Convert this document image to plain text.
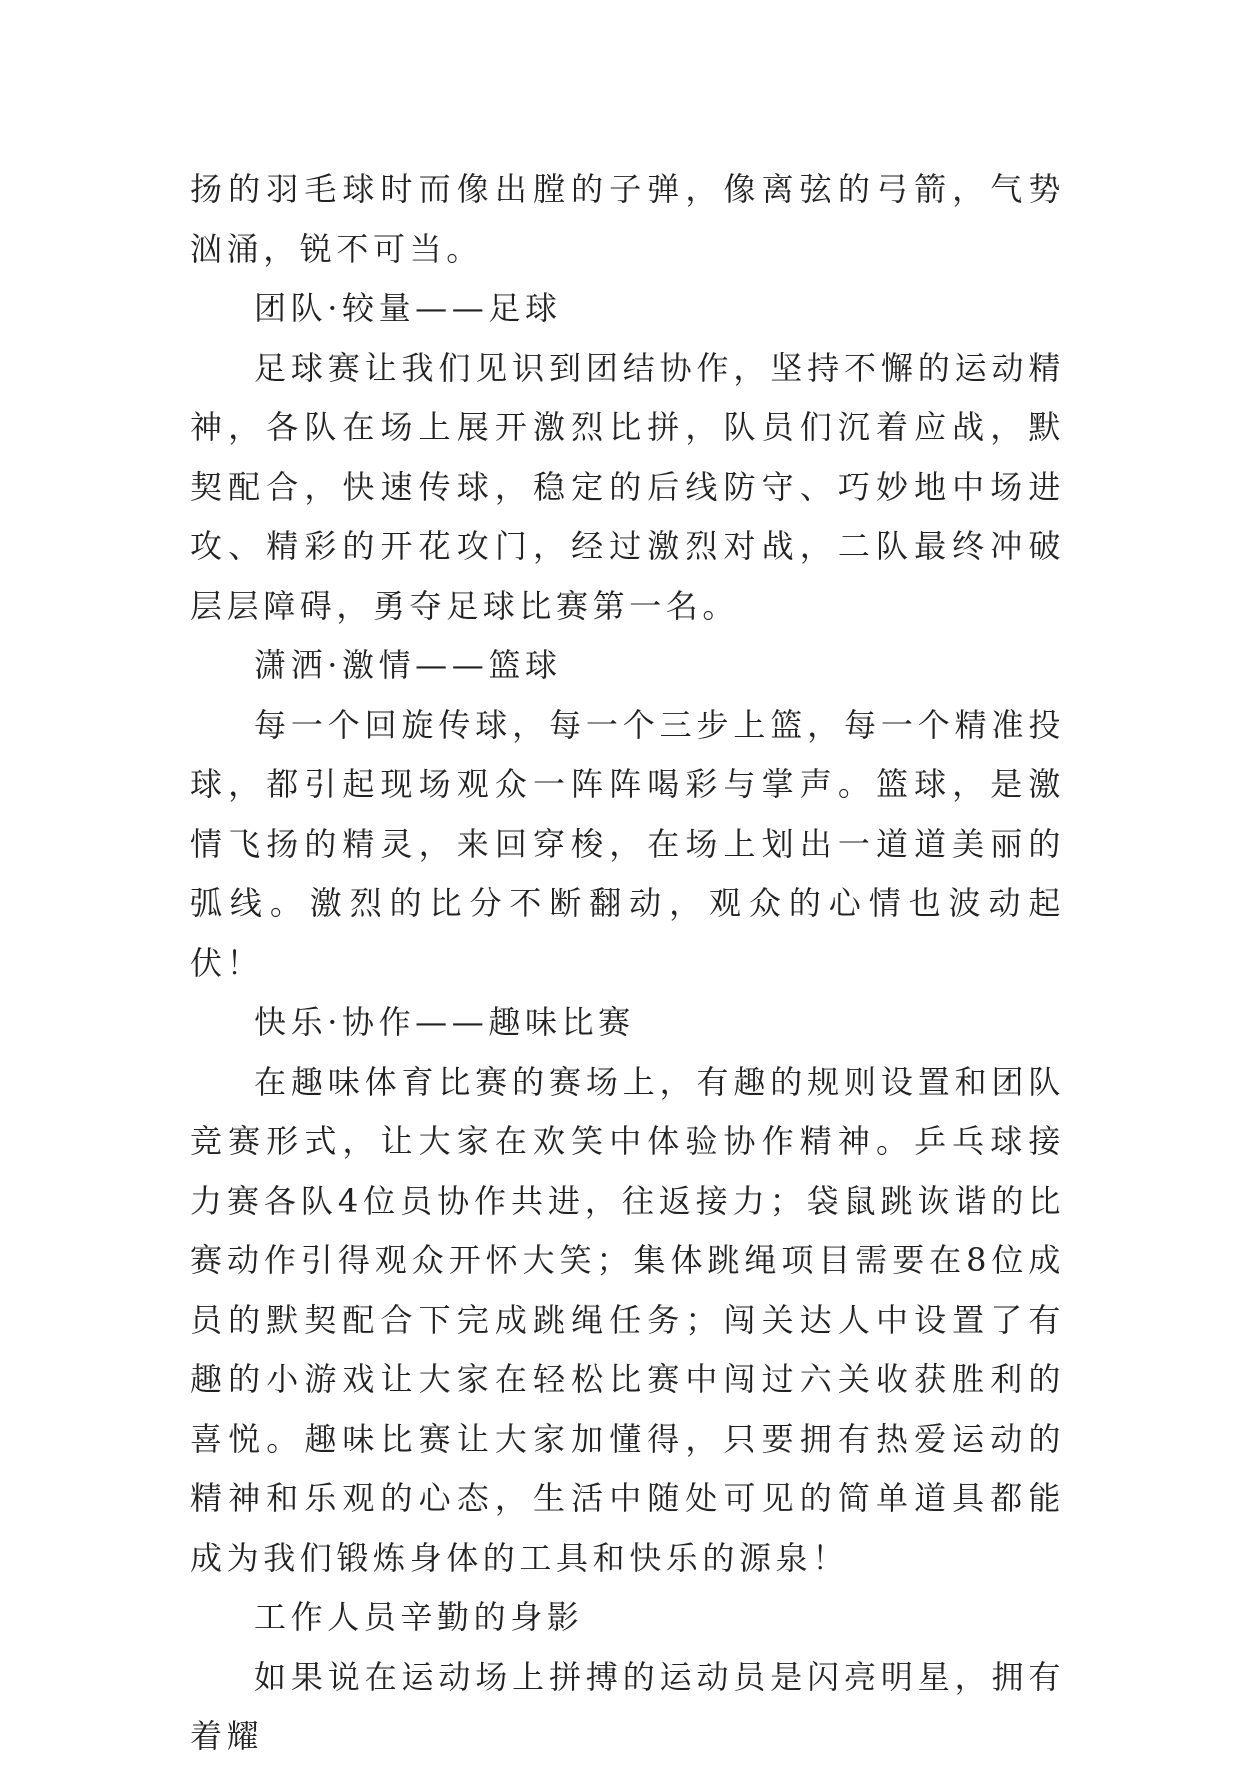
扬的羽毛球时而像出膛的子弹，像离弦的弓箭，气势汹涌，锐不可当。

团队·较量——足球

足球赛让我们见识到团结协作，坚持不懈的运动精神，各队在场上展开激烈比拼，队员们沉着应战，默契配合，快速传球，稳定的后线防守、巧妙地中场进攻、精彩的开花攻门，经过激烈对战，二队最终冲破层层障碍，勇夺足球比赛第一名。

潇洒·激情——篮球

每一个回旋传球，每一个三步上篮，每一个精准投球，都引起现场观众一阵阵喝彩与掌声。篮球，是激情飞扬的精灵，来回穿梭，在场上划出一道道美丽的弧线。激烈的比分不断翻动，观众的心情也波动起伏！

快乐·协作——趣味比赛

在趣味体育比赛的赛场上，有趣的规则设置和团队竞赛形式，让大家在欢笑中体验协作精神。乒乓球接力赛各队4位员协作共进，往返接力；袋鼠跳诙谐的比赛动作引得观众开怀大笑；集体跳绳项目需要在8位成员的默契配合下完成跳绳任务；闯关达人中设置了有趣的小游戏让大家在轻松比赛中闯过六关收获胜利的喜悦。趣味比赛让大家加懂得，只要拥有热爱运动的精神和乐观的心态，生活中随处可见的简单道具都能成为我们锻炼身体的工具和快乐的源泉！

工作人员辛勤的身影

如果说在运动场上拼搏的运动员是闪亮明星，拥有着耀
